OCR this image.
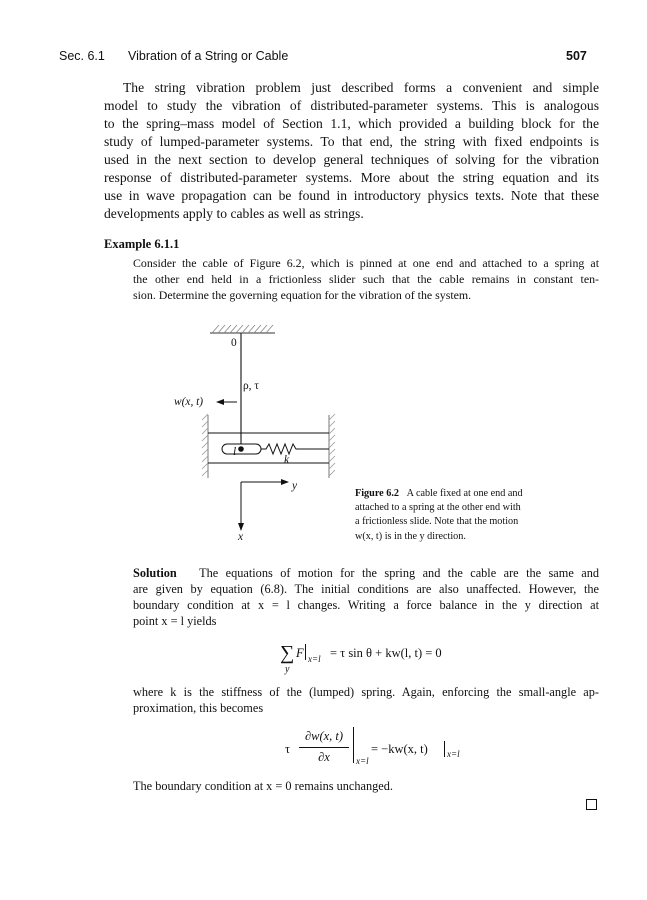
Sec. 6.1 Vibration of a String or Cable	507
The string vibration problem just described forms a convenient and simple
model to study the vibration of distributed-parameter systems. This is analogous
to the spring–mass model of Section 1.1, which provided a building block for the
study of lumped-parameter systems. To that end, the string with fixed endpoints is
used in the next section to develop general techniques of solving for the vibration
response of distributed-parameter systems. More about the string equation and its
use in wave propagation can be found in introductory physics texts. Note that these
developments apply to cables as well as strings.
Example 6.1.1
Consider the cable of Figure 6.2, which is pinned at one end and attached to a spring at
the other end held in a frictionless slider such that the cable remains in constant ten-
sion. Determine the governing equation for the vibration of the system.
0
ρ, τ
w(x, t)
l
k
y
x
Figure 6.2 A cable fixed at one end and
attached to a spring at the other end with
a frictionless slide. Note that the motion
w(x, t) is in the y direction.
Solution The equations of motion for the spring and the cable are the same and
are given by equation (6.8). The initial conditions are also unaffected. However, the
boundary condition at x = l changes. Writing a force balance in the y direction at
point x = l yields
∑
y
F x=l = τ sin θ + kw(l, t) = 0
where k is the stiffness of the (lumped) spring. Again, enforcing the small-angle ap-
proximation, this becomes
τ
∂w(x, t)
∂x	x=l
= −kw(x, t) x=l
The boundary condition at x = 0 remains unchanged.
